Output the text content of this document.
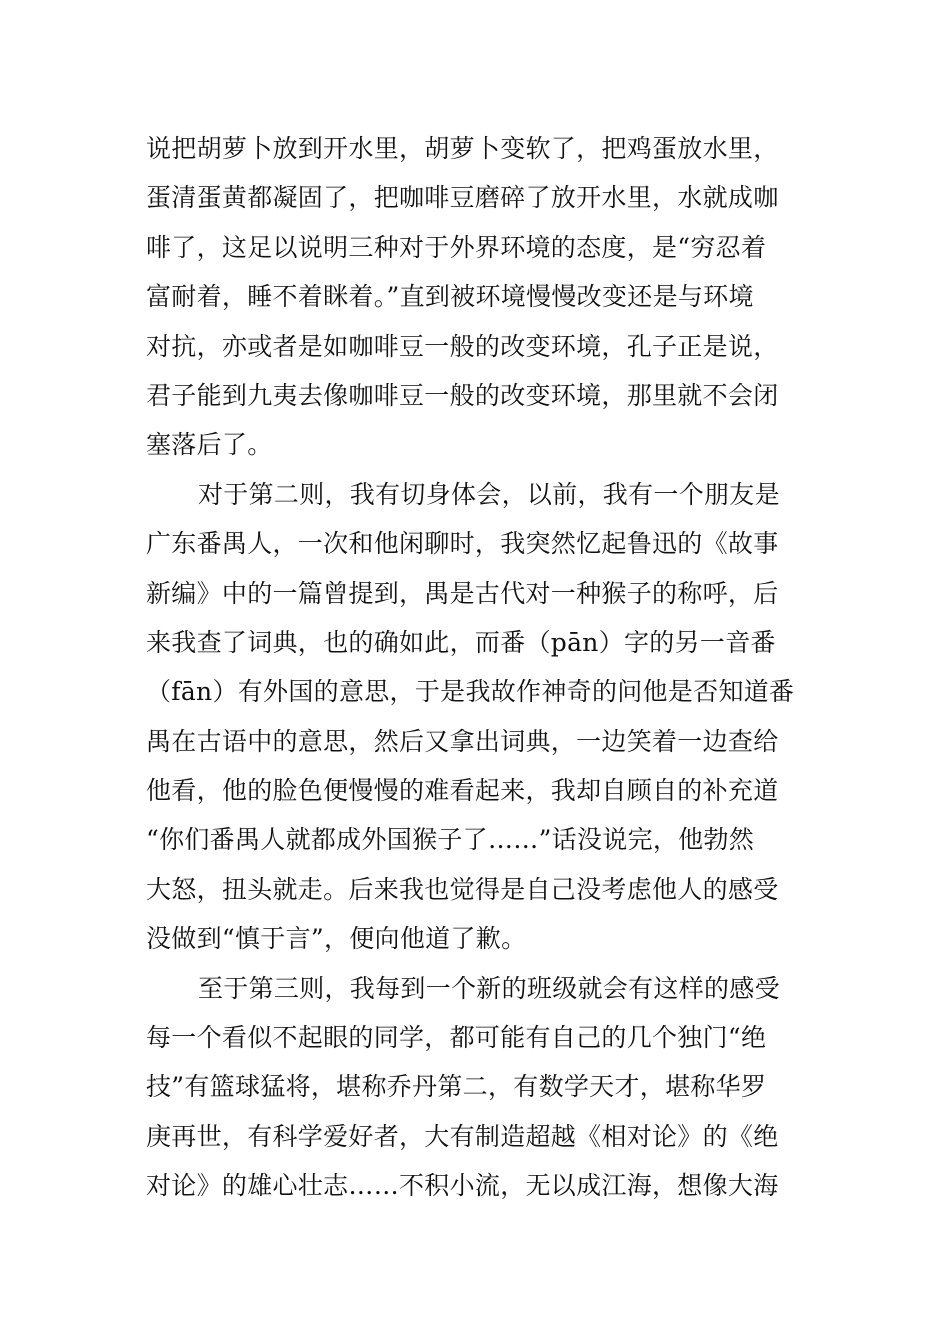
说把胡萝卜放到开水里，胡萝卜变软了，把鸡蛋放水里，
蛋清蛋黄都凝固了，把咖啡豆磨碎了放开水里，水就成咖
啡了，这足以说明三种对于外界环境的态度，是“穷忍着
富耐着，睡不着眯着。”直到被环境慢慢改变还是与环境
对抗，亦或者是如咖啡豆一般的改变环境，孔子正是说，
君子能到九夷去像咖啡豆一般的改变环境，那里就不会闭
塞落后了。
对于第二则，我有切身体会，以前，我有一个朋友是
广东番禺人，一次和他闲聊时，我突然忆起鲁迅的《故事
新编》中的一篇曾提到，禺是古代对一种猴子的称呼，后
来我查了词典，也的确如此，而番（pān）字的另一音番
（fān）有外国的意思，于是我故作神奇的问他是否知道番
禺在古语中的意思，然后又拿出词典，一边笑着一边查给
他看，他的脸色便慢慢的难看起来，我却自顾自的补充道
“你们番禺人就都成外国猴子了……”话没说完，他勃然
大怒，扭头就走。后来我也觉得是自己没考虑他人的感受
没做到“慎于言”，便向他道了歉。
至于第三则，我每到一个新的班级就会有这样的感受
每一个看似不起眼的同学，都可能有自己的几个独门“绝
技”有篮球猛将，堪称乔丹第二，有数学天才，堪称华罗
庚再世，有科学爱好者，大有制造超越《相对论》的《绝
对论》的雄心壮志……不积小流，无以成江海，想像大海
